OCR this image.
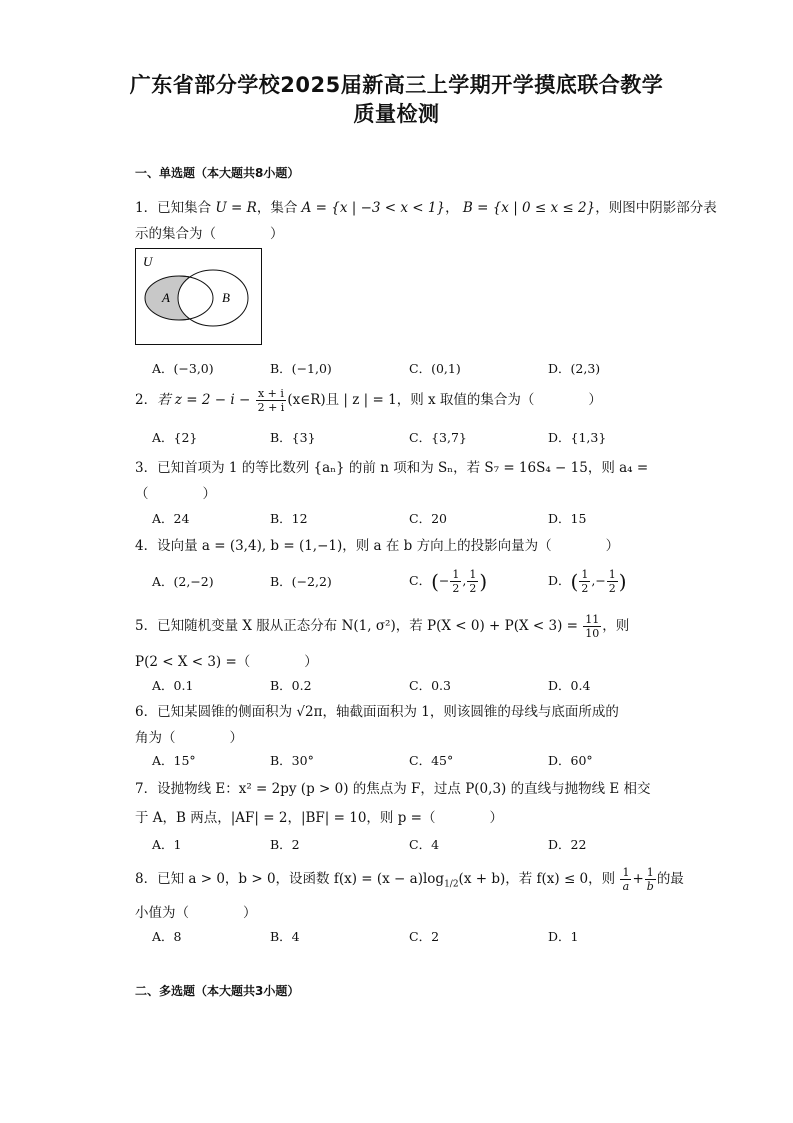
广东省部分学校2025届新高三上学期开学摸底联合教学
质量检测
一、单选题（本大题共8小题）
1．已知集合 U = R，集合 A = {x | −3 < x < 1}， B = {x | 0 ≤ x ≤ 2}，则图中阴影部分表
示的集合为（　　　　）
U
A	B
A．(−3,0)	B．(−1,0)	C．(0,1)	D．(2,3)
2．若 $z = 2 - i - \frac{x + i}{2 + i}$ (x∈R)且 | z | = 1，则 x 取值的集合为（　　　　）
A．{2}	B．{3}	C．{3,7}	D．{1,3}
3．已知首项为 1 的等比数列 {aₙ} 的前 n 项和为 Sₙ，若 S₇ = 16S₄ − 15，则 a₄ =
（　　　　）
A．24	B．12	C．20	D．15
4．设向量 a = (3,4), b = (1,−1)，则 a 在 b 方向上的投影向量为（　　　　）
A．(2,−2)	B．(−2,2)	C．(− $\frac{1}{2}$ , $\frac{1}{2}$ )	D．( $\frac{1}{2}$ ,− $\frac{1}{2}$ )
5．已知随机变量 X 服从正态分布 N(1, σ²)，若 $P(X < 0) + P(X < 3) = \frac{11}{10}$ ，则
P(2 < X < 3) =（　　　　）
A．0.1	B．0.2	C．0.3	D．0.4
6．已知某圆锥的侧面积为 √2π，轴截面面积为 1，则该圆锥的母线与底面所成的
角为（　　　　）
A．15°	B．30°	C．45°	D．60°
7．设抛物线 E：x² = 2py (p > 0) 的焦点为 F，过点 P(0,3) 的直线与抛物线 E 相交
于 A，B 两点，|AF| = 2，|BF| = 10，则 p =（　　　　）
A．1	B．2	C．4	D．22
8．已知 a > 0，b > 0，设函数 $f(x) = (x - a)\log_{1/2}(x + b)$，若 f(x) ≤ 0，则 $\frac{1}{a} + \frac{1}{b}$ 的最
小值为（　　　　）
A．8	B．4	C．2	D．1
二、多选题（本大题共3小题）
